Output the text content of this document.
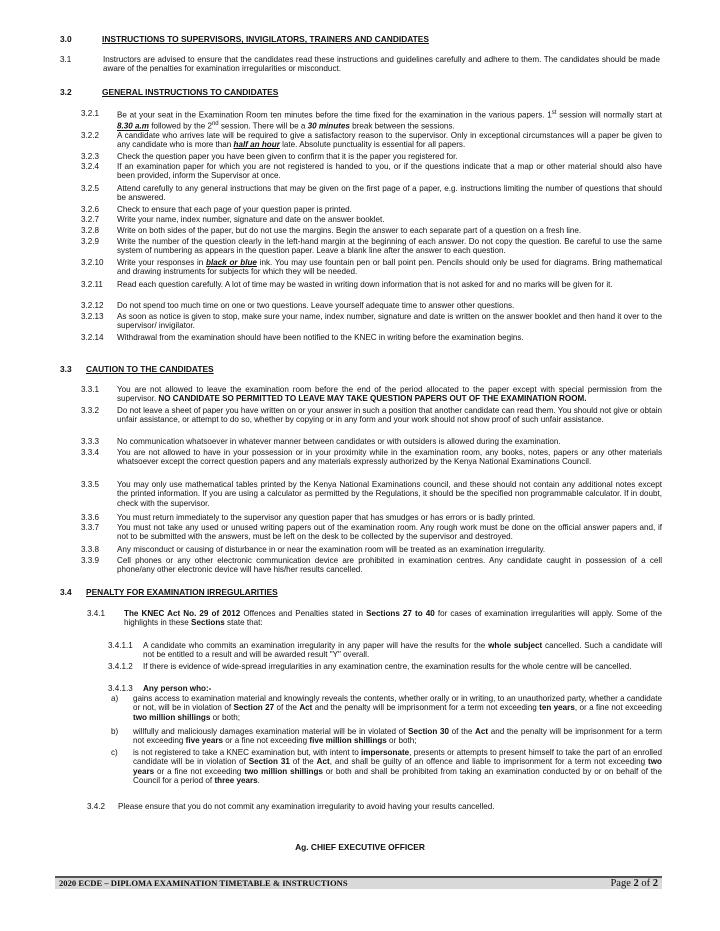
3.0	INSTRUCTIONS TO SUPERVISORS, INVIGILATORS, TRAINERS AND CANDIDATES
3.1	Instructors are advised to ensure that the candidates read these instructions and guidelines carefully and adhere to them. The candidates should be made aware of the penalties for examination irregularities or misconduct.
3.2	GENERAL INSTRUCTIONS TO CANDIDATES
3.2.1	Be at your seat in the Examination Room ten minutes before the time fixed for the examination in the various papers. 1st session will normally start at 8.30 a.m followed by the 2nd session. There will be a 30 minutes break between the sessions.
3.2.2	A candidate who arrives late will be required to give a satisfactory reason to the supervisor. Only in exceptional circumstances will a paper be given to any candidate who is more than half an hour late. Absolute punctuality is essential for all papers.
3.2.3	Check the question paper you have been given to confirm that it is the paper you registered for.
3.2.4	If an examination paper for which you are not registered is handed to you, or if the questions indicate that a map or other material should also have been provided, inform the Supervisor at once.
3.2.5	Attend carefully to any general instructions that may be given on the first page of a paper, e.g. instructions limiting the number of questions that should be answered.
3.2.6	Check to ensure that each page of your question paper is printed.
3.2.7	Write your name, index number, signature and date on the answer booklet.
3.2.8	Write on both sides of the paper, but do not use the margins. Begin the answer to each separate part of a question on a fresh line.
3.2.9	Write the number of the question clearly in the left-hand margin at the beginning of each answer. Do not copy the question. Be careful to use the same system of numbering as appears in the question paper. Leave a blank line after the answer to each question.
3.2.10	Write your responses in black or blue ink. You may use fountain pen or ball point pen. Pencils should only be used for diagrams. Bring mathematical and drawing instruments for subjects for which they will be needed.
3.2.11	Read each question carefully. A lot of time may be wasted in writing down information that is not asked for and no marks will be given for it.
3.2.12	Do not spend too much time on one or two questions. Leave yourself adequate time to answer other questions.
3.2.13	As soon as notice is given to stop, make sure your name, index number, signature and date is written on the answer booklet and then hand it over to the supervisor/ invigilator.
3.2.14	Withdrawal from the examination should have been notified to the KNEC in writing before the examination begins.
3.3 CAUTION TO THE CANDIDATES
3.3.1	You are not allowed to leave the examination room before the end of the period allocated to the paper except with special permission from the supervisor. NO CANDIDATE SO PERMITTED TO LEAVE MAY TAKE QUESTION PAPERS OUT OF THE EXAMINATION ROOM.
3.3.2	Do not leave a sheet of paper you have written on or your answer in such a position that another candidate can read them. You should not give or obtain unfair assistance, or attempt to do so, whether by copying or in any form and your work should not show proof of such unfair assistance.
3.3.3	No communication whatsoever in whatever manner between candidates or with outsiders is allowed during the examination.
3.3.4	You are not allowed to have in your possession or in your proximity while in the examination room, any books, notes, papers or any other materials whatsoever except the correct question papers and any materials expressly authorized by the Kenya National Examinations Council.
3.3.5	You may only use mathematical tables printed by the Kenya National Examinations council, and these should not contain any additional notes except the printed information. If you are using a calculator as permitted by the Regulations, it should be the specified non programmable calculator. If in doubt, check with the supervisor.
3.3.6	You must return immediately to the supervisor any question paper that has smudges or has errors or is badly printed.
3.3.7	You must not take any used or unused writing papers out of the examination room. Any rough work must be done on the official answer papers and, if not to be submitted with the answers, must be left on the desk to be collected by the supervisor and destroyed.
3.3.8	Any misconduct or causing of disturbance in or near the examination room will be treated as an examination irregularity.
3.3.9	Cell phones or any other electronic communication device are prohibited in examination centres. Any candidate caught in possession of a cell phone/any other electronic device will have his/her results cancelled.
3.4 PENALTY FOR EXAMINATION IRREGULARITIES
3.4.1	The KNEC Act No. 29 of 2012 Offences and Penalties stated in Sections 27 to 40 for cases of examination irregularities will apply. Some of the highlights in these Sections state that:
3.4.1.1	A candidate who commits an examination irregularity in any paper will have the results for the whole subject cancelled. Such a candidate will not be entitled to a result and will be awarded result "Y" overall.
3.4.1.2	If there is evidence of wide-spread irregularities in any examination centre, the examination results for the whole centre will be cancelled.
3.4.1.3	Any person who:-
a)	gains access to examination material and knowingly reveals the contents, whether orally or in writing, to an unauthorized party, whether a candidate or not, will be in violation of Section 27 of the Act and the penalty will be imprisonment for a term not exceeding ten years, or a fine not exceeding two million shillings or both;
b)	willfully and maliciously damages examination material will be in violated of Section 30 of the Act and the penalty will be imprisonment for a term not exceeding five years or a fine not exceeding five million shillings or both;
c)	is not registered to take a KNEC examination but, with intent to impersonate, presents or attempts to present himself to take the part of an enrolled candidate will be in violation of Section 31 of the Act, and shall be guilty of an offence and liable to imprisonment for a term not exceeding two years or a fine not exceeding two million shillings or both and shall be prohibited from taking an examination conducted by or on behalf of the Council for a period of three years.
3.4.2	Please ensure that you do not commit any examination irregularity to avoid having your results cancelled.
Ag. CHIEF EXECUTIVE OFFICER
2020 ECDE – DIPLOMA EXAMINATION TIMETABLE & INSTRUCTIONS	Page 2 of 2
